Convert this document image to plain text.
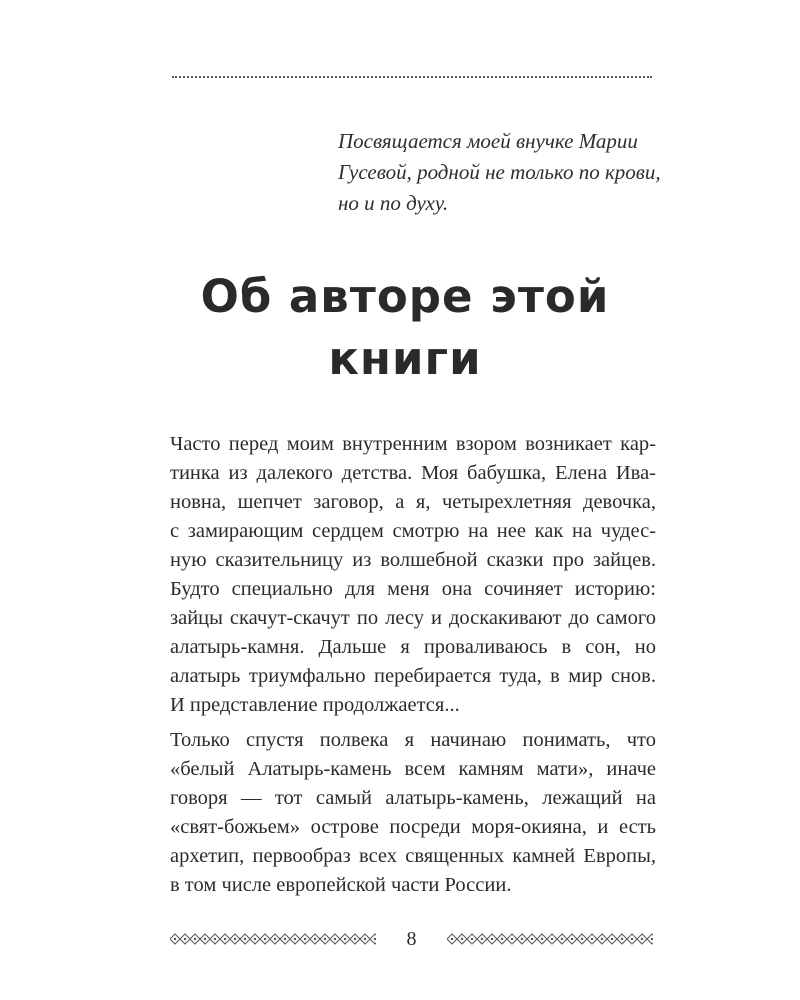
Посвящается моей внучке Марии
Гусевой, родной не только по крови,
но и по духу.
Об авторе этой
книги

Часто перед моим внутренним взором возникает кар-
тинка из далекого детства. Моя бабушка, Елена Ива-
новна, шепчет заговор, а я, четырехлетняя девочка,
с замирающим сердцем смотрю на нее как на чудес-
ную сказительницу из волшебной сказки про зайцев.
Будто специально для меня она сочиняет историю:
зайцы скачут-скачут по лесу и доскакивают до самого
алатырь-камня. Дальше я проваливаюсь в сон, но
алатырь триумфально перебирается туда, в мир снов.
И представление продолжается...

Только спустя полвека я начинаю понимать, что
«белый Алатырь-камень всем камням мати», иначе
говоря — тот самый алатырь-камень, лежащий на
«свят-божьем» острове посреди моря-окияна, и есть
архетип, первообраз всех священных камней Европы,
в том числе европейской части России.

8
